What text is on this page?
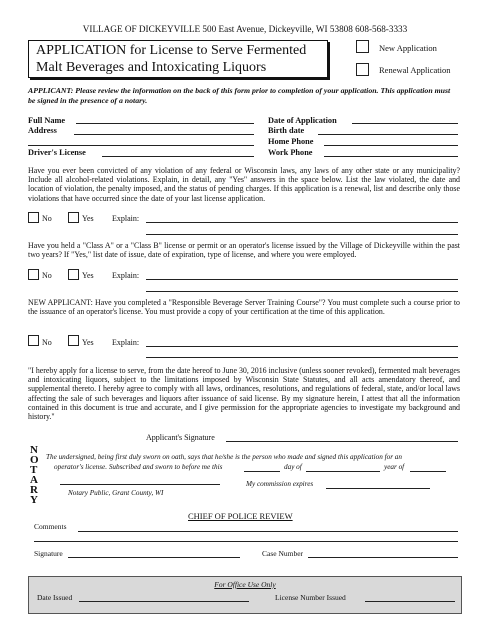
VILLAGE OF DICKEYVILLE 500 East Avenue, Dickeyville, WI 53808 608-568-3333
APPLICATION for License to Serve Fermented
Malt Beverages and Intoxicating Liquors
New Application
Renewal Application
APPLICANT: Please review the information on the back of this form prior to completion of your application. This application must be signed in the presence of a notary.
Full Name
Address
Driver's License
Date of Application
Birth date
Home Phone
Work Phone
Have you ever been convicted of any violation of any federal or Wisconsin laws, any laws of any other state or any municipality? Include all alcohol-related violations. Explain, in detail, any "Yes" answers in the space below. List the law violated, the date and location of violation, the penalty imposed, and the status of pending charges. If this application is a renewal, list and describe only those violations that have occurred since the date of your last license application.
No	Yes Explain:
Have you held a "Class A" or a "Class B" license or permit or an operator's license issued by the Village of Dickeyville within the past two years? If "Yes," list date of issue, date of expiration, type of license, and where you were employed.
No	Yes Explain:
NEW APPLICANT: Have you completed a "Responsible Beverage Server Training Course"? You must complete such a course prior to the issuance of an operator's license. You must provide a copy of your certification at the time of this application.
No	Yes Explain:
"I hereby apply for a license to serve, from the date hereof to June 30, 2016 inclusive (unless sooner revoked), fermented malt beverages and intoxicating liquors, subject to the limitations imposed by Wisconsin State Statutes, and all acts amendatory thereof, and supplemental thereto. I hereby agree to comply with all laws, ordinances, resolutions, and regulations of federal, state, and/or local laws affecting the sale of such beverages and liquors after issuance of said license. By my signature herein, I attest that all the information contained in this document is true and accurate, and I give permission for the appropriate agencies to investigate my background and history."
Applicant's Signature
N
O
T
A
R
Y
The undersigned, being first duly sworn on oath, says that he/she is the person who made and signed this application for an
operator's license. Subscribed and sworn to before me this	day of	year of
My commission expires
Notary Public, Grant County, WI
CHIEF OF POLICE REVIEW
Comments
Signature	Case Number
For Office Use Only
Date Issued	License Number Issued
